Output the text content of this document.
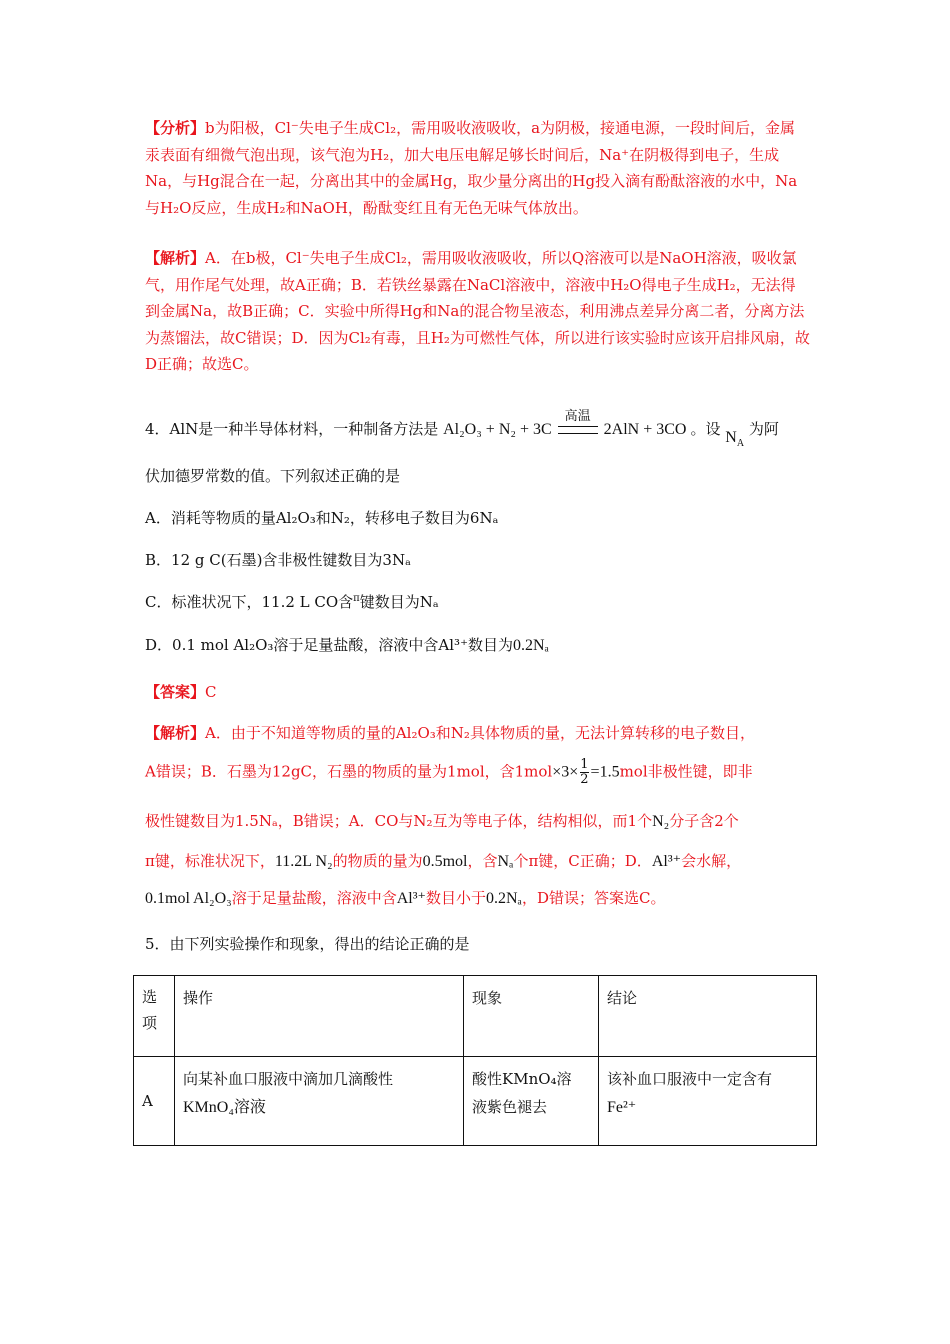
【分析】b为阳极，Cl⁻失电子生成Cl₂，需用吸收液吸收，a为阴极，接通电源，一段时间后，金属汞表面有细微气泡出现，该气泡为H₂，加大电压电解足够长时间后，Na⁺在阴极得到电子，生成Na，与Hg混合在一起，分离出其中的金属Hg，取少量分离出的Hg投入滴有酚酞溶液的水中，Na与H₂O反应，生成H₂和NaOH，酚酞变红且有无色无味气体放出。
【解析】A．在b极，Cl⁻失电子生成Cl₂，需用吸收液吸收，所以Q溶液可以是NaOH溶液，吸收氯气，用作尾气处理，故A正确；B．若铁丝暴露在NaCl溶液中，溶液中H₂O得电子生成H₂，无法得到金属Na，故B正确；C．实验中所得Hg和Na的混合物呈液态，利用沸点差异分离二者，分离方法为蒸馏法，故C错误；D．因为Cl₂有毒，且H₂为可燃性气体，所以进行该实验时应该开启排风扇，故D正确；故选C。
4．AlN是一种半导体材料，一种制备方法是 Al₂O₃ + N₂ + 3C
高温
2AlN + 3CO 。设 $N_A$ 为阿
伏加德罗常数的值。下列叙述正确的是
A．消耗等物质的量Al₂O₃和N₂，转移电子数目为6Nₐ
B．12 g C(石墨)含非极性键数目为3Nₐ
C．标准状况下，11.2 L CO含$^\pi$键数目为Nₐ
D．0.1 mol Al₂O₃溶于足量盐酸，溶液中含Al³⁺数目为0.2Nₐ
【答案】C
【解析】A．由于不知道等物质的量的Al₂O₃和N₂具体物质的量，无法计算转移的电子数目，
A错误；B．石墨为12gC，石墨的物质的量为1mol，含$1mol\times 3\times \frac{1}{2} =1.5mol$非极性键，即非
极性键数目为1.5Nₐ，B错误；A．CO与N₂互为等电子体，结构相似，而1个N₂分子含2个
π键，标准状况下，11.2L N₂的物质的量为0.5mol，含Nₐ个π键，C正确；D．Al³⁺会水解，
0.1mol Al₂O₃溶于足量盐酸，溶液中含Al³⁺数目小于0.2Nₐ，D错误；答案选C。
5．由下列实验操作和现象，得出的结论正确的是
选项	操作	现象	结论
A	向某补血口服液中滴加几滴酸性
KMnO₄溶液	酸性KMnO₄溶
液紫色褪去	该补血口服液中一定含有
Fe²⁺
